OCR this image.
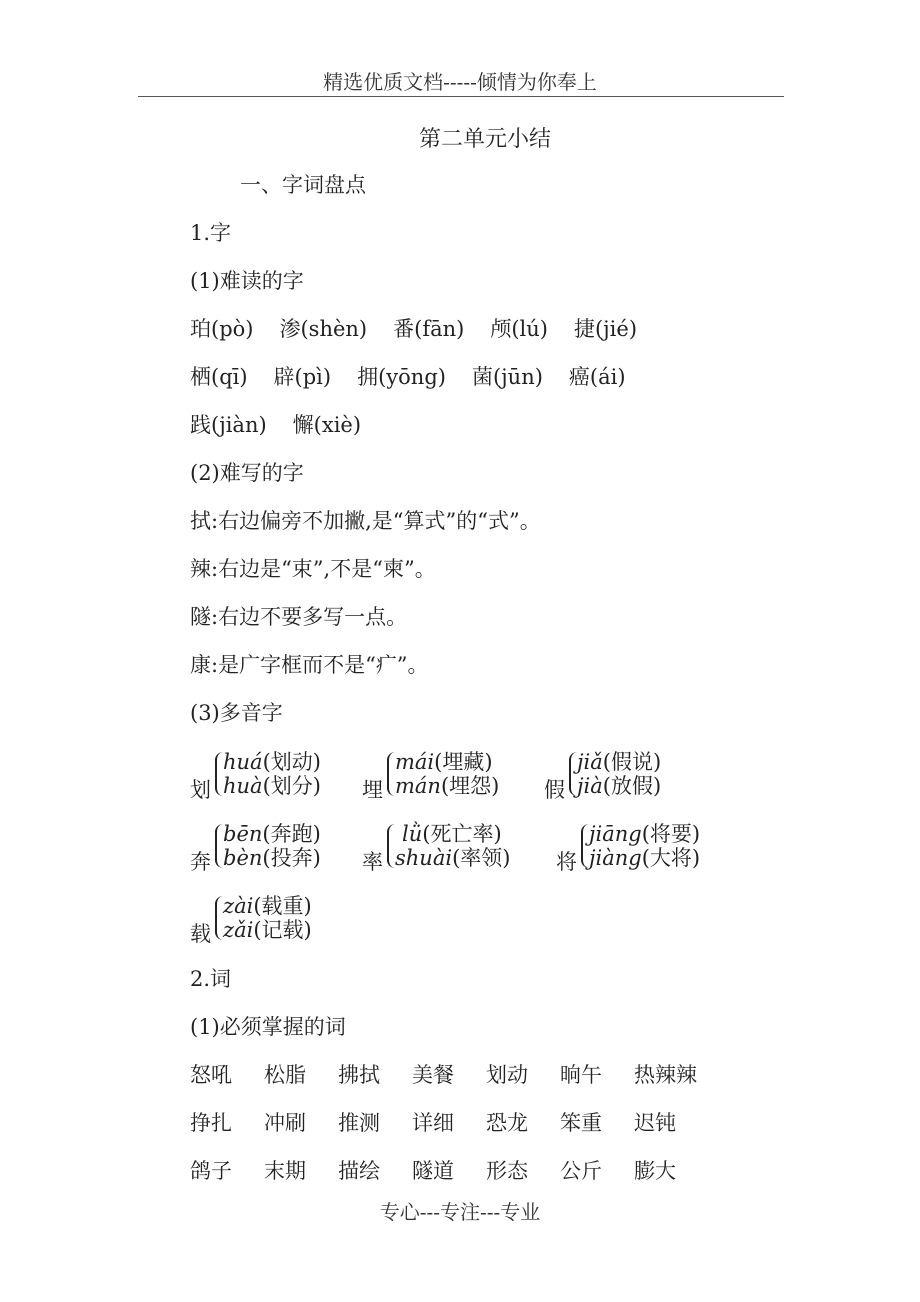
精选优质文档-----倾情为你奉上
第二单元小结
一、字词盘点
1.字
(1)难读的字
珀(pò) 渗(shèn) 番(fān) 颅(lú) 捷(jié)
栖(qī) 辟(pì) 拥(yōng) 菌(jūn) 癌(ái)
践(jiàn) 懈(xiè)
(2)难写的字
拭:右边偏旁不加撇,是“算式”的“式”。
辣:右边是“束”,不是“柬”。
隧:右边不要多写一点。
康:是广字框而不是“疒”。
(3)多音字
划
huá(划动)
huà(划分) 埋
mái(埋藏)
mán(埋怨) 假
jiǎ(假说)
jià(放假)
奔
bēn(奔跑)
bèn(投奔) 率
lǜ(死亡率)
shuài(率领) 将
jiāng(将要)
jiàng(大将)
载
zài(载重)
zǎi(记载)
2.词
(1)必须掌握的词
怒吼 松脂 拂拭 美餐 划动 晌午 热辣辣
挣扎 冲刷 推测 详细 恐龙 笨重 迟钝
鸽子 末期 描绘 隧道 形态 公斤 膨大
专心---专注---专业
